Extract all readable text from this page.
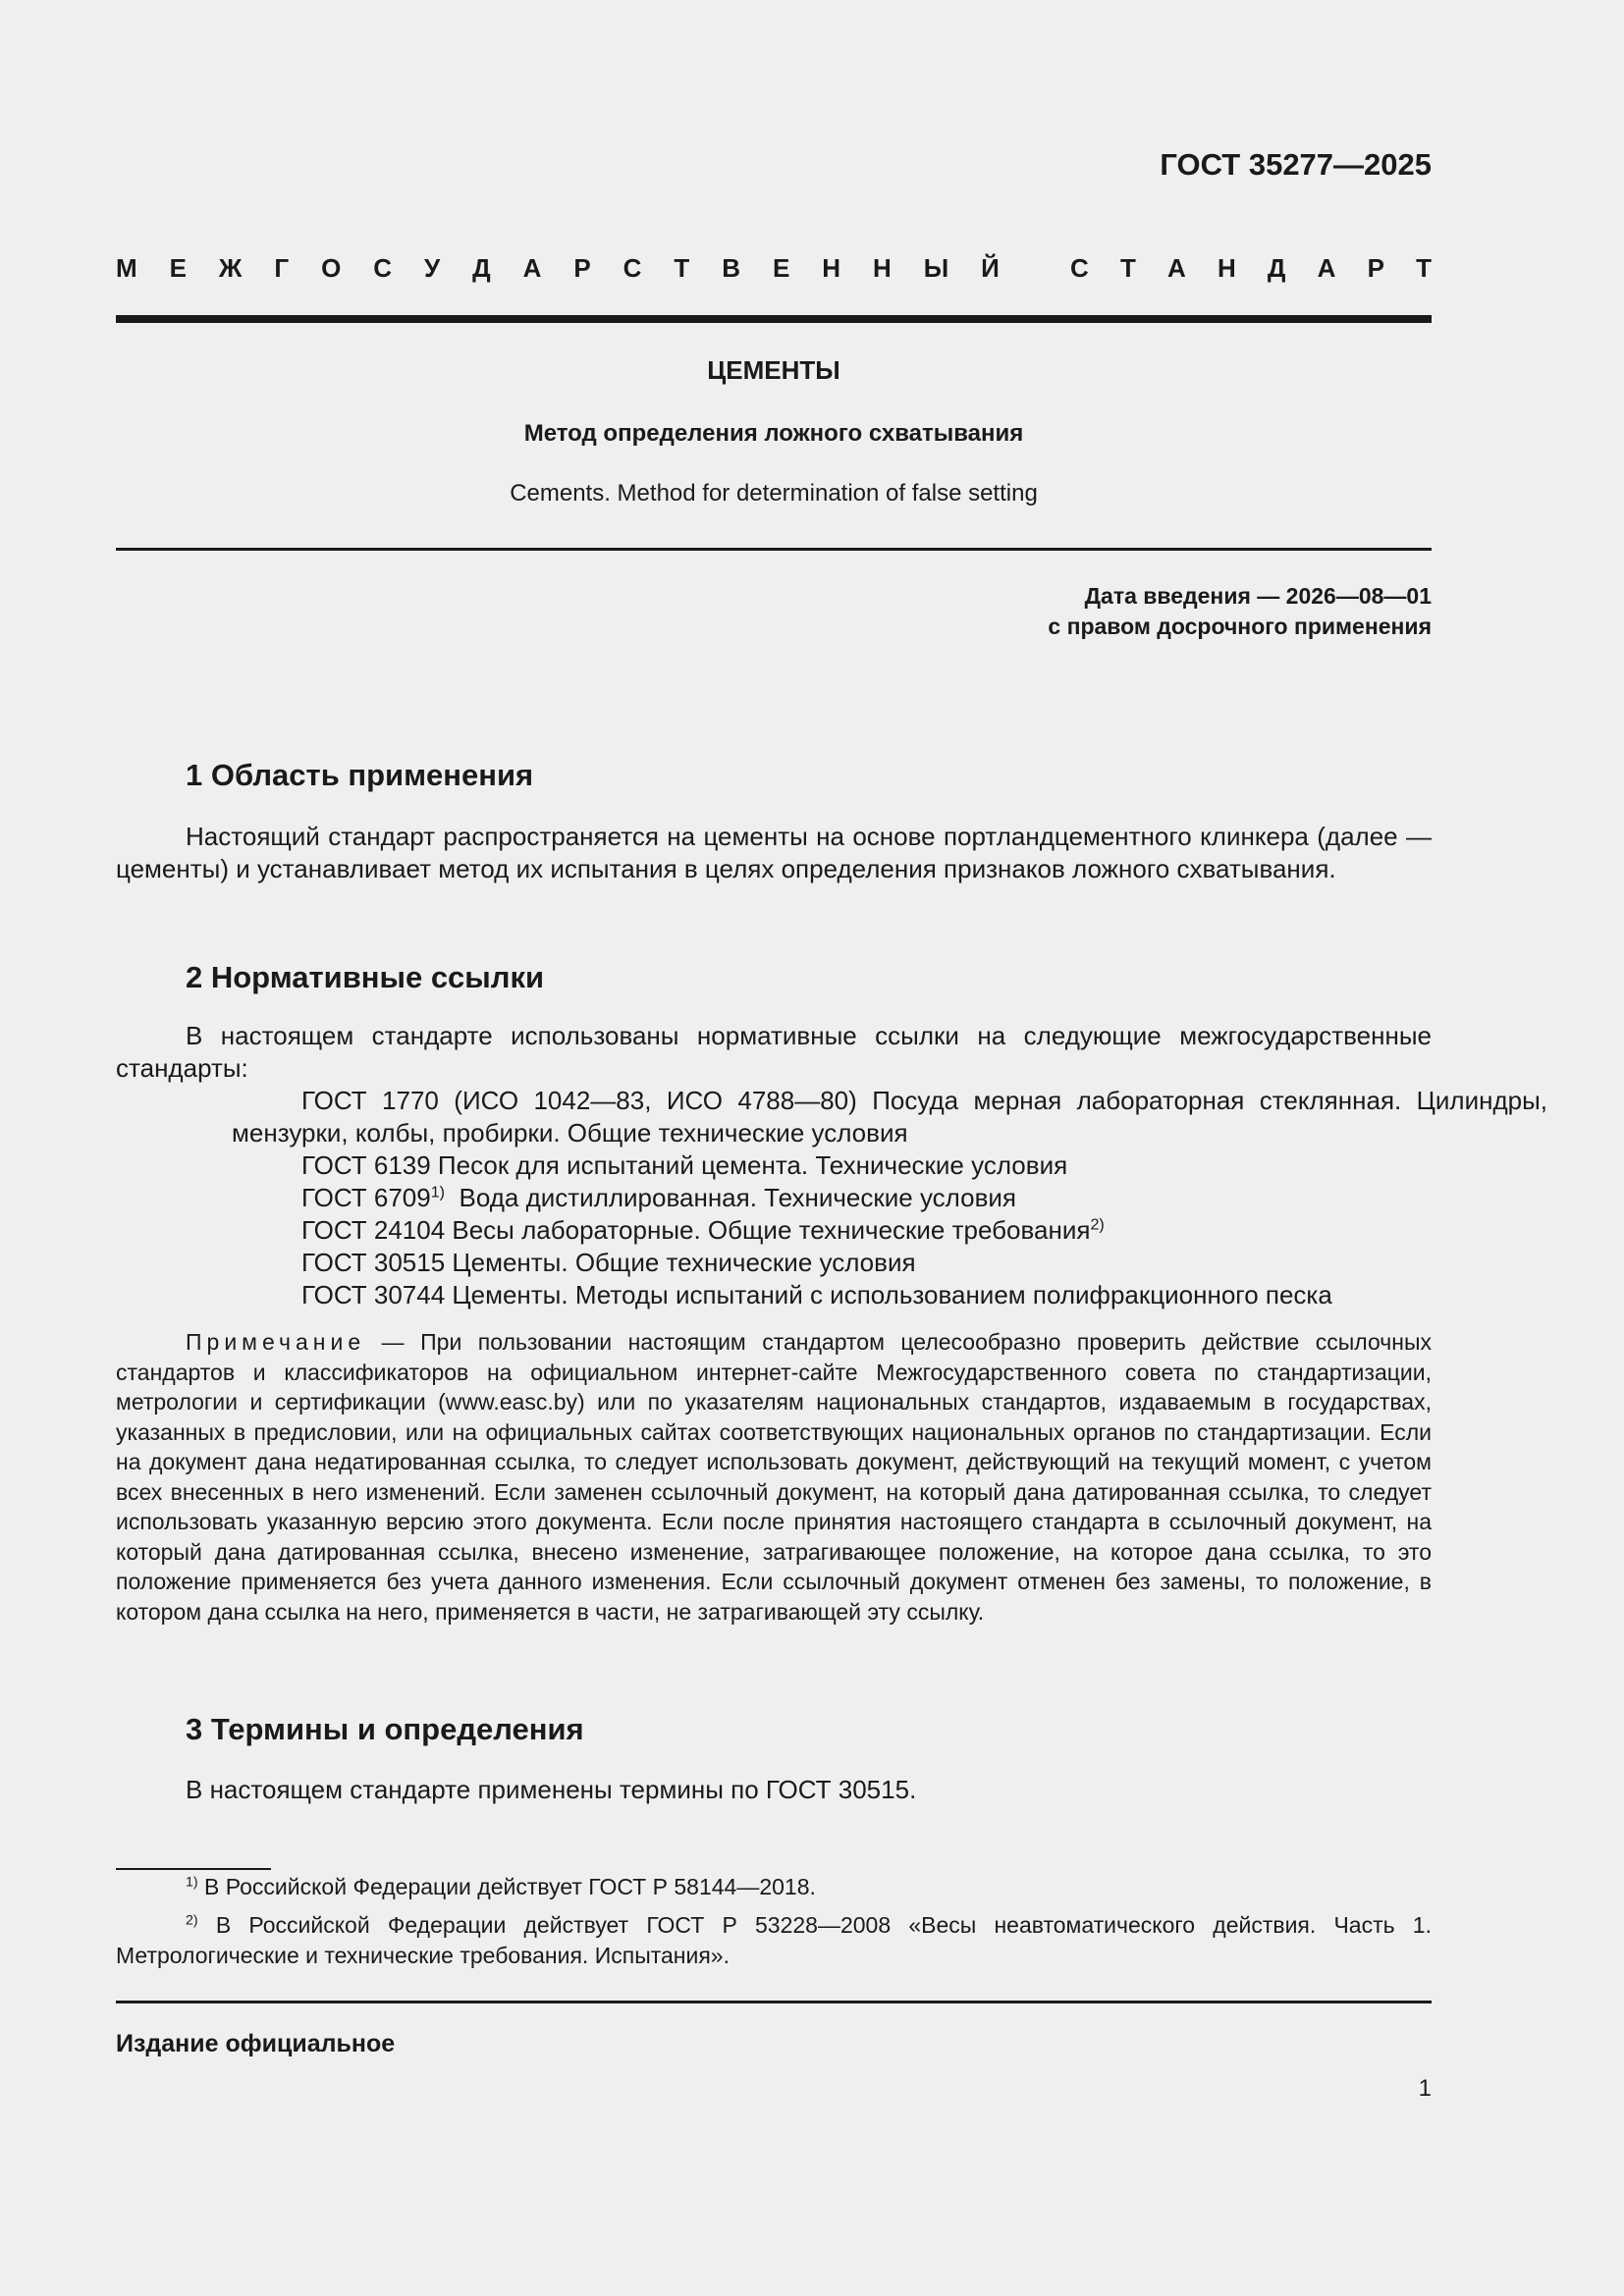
ГОСТ 35277—2025
М Е Ж Г О С У Д А Р С Т В Е Н Н Ы Й	С Т А Н Д А Р Т
ЦЕМЕНТЫ
Метод определения ложного схватывания
Cements. Method for determination of false setting
Дата введения — 2026—08—01
с правом досрочного применения
1 Область применения
Настоящий стандарт распространяется на цементы на основе портландцементного клинкера (далее — цементы) и устанавливает метод их испытания в целях определения признаков ложного схватывания.
2 Нормативные ссылки
В настоящем стандарте использованы нормативные ссылки на следующие межгосударственные стандарты:
ГОСТ 1770 (ИСО 1042—83, ИСО 4788—80) Посуда мерная лабораторная стеклянная. Цилиндры, мензурки, колбы, пробирки. Общие технические условия
ГОСТ 6139 Песок для испытаний цемента. Технические условия
ГОСТ 6709$^{1)}$  Вода дистиллированная. Технические условия
ГОСТ 24104 Весы лабораторные. Общие технические требования$^{2)}$
ГОСТ 30515 Цементы. Общие технические условия
ГОСТ 30744 Цементы. Методы испытаний с использованием полифракционного песка
Примечание — При пользовании настоящим стандартом целесообразно проверить действие ссылочных стандартов и классификаторов на официальном интернет-сайте Межгосударственного совета по стандартизации, метрологии и сертификации (www.easc.by) или по указателям национальных стандартов, издаваемым в государствах, указанных в предисловии, или на официальных сайтах соответствующих национальных органов по стандартизации. Если на документ дана недатированная ссылка, то следует использовать документ, действующий на текущий момент, с учетом всех внесенных в него изменений. Если заменен ссылочный документ, на который дана датированная ссылка, то следует использовать указанную версию этого документа. Если после принятия настоящего стандарта в ссылочный документ, на который дана датированная ссылка, внесено изменение, затрагивающее положение, на которое дана ссылка, то это положение применяется без учета данного изменения. Если ссылочный документ отменен без замены, то положение, в котором дана ссылка на него, применяется в части, не затрагивающей эту ссылку.
3 Термины и определения
В настоящем стандарте применены термины по ГОСТ 30515.
$^{1)}$ В Российской Федерации действует ГОСТ Р 58144—2018.
$^{2)}$ В Российской Федерации действует ГОСТ Р 53228—2008 «Весы неавтоматического действия. Часть 1. Метрологические и технические требования. Испытания».
Издание официальное
1
